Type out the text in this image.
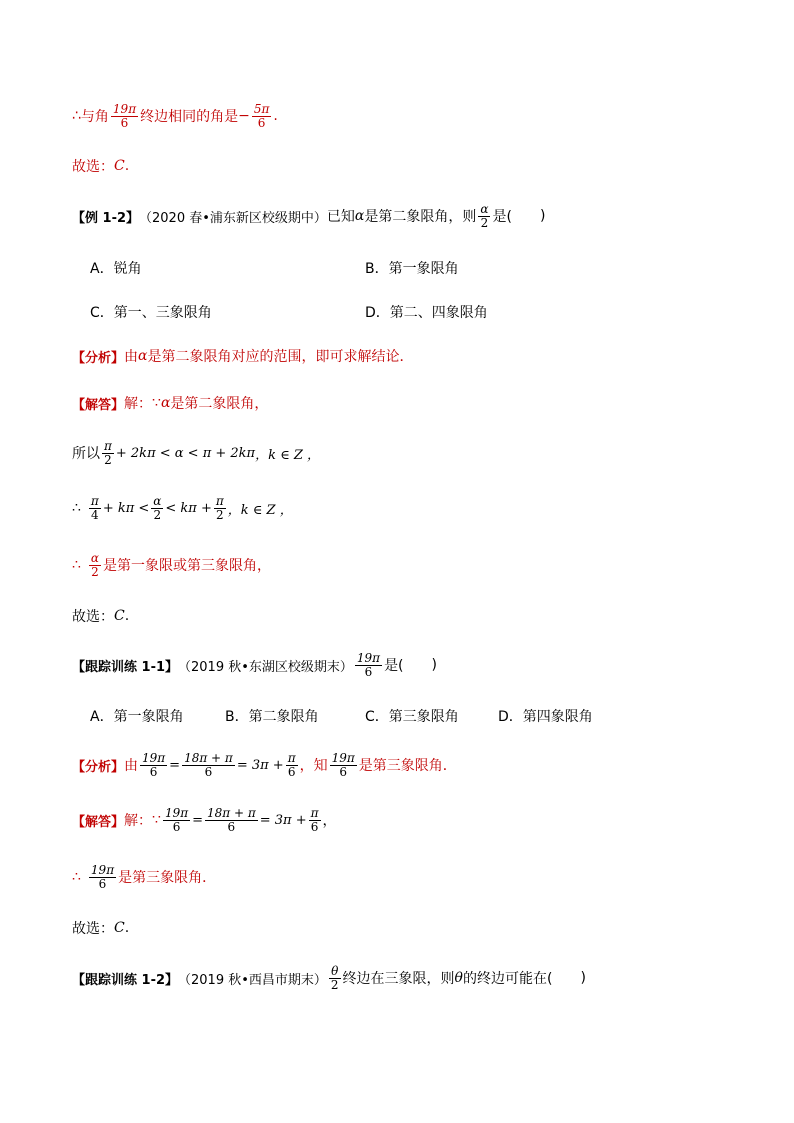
∴ 与角 $\frac{19\pi}{6}$ 终边相同的角是 − $\frac{5\pi}{6}$ .
故选： C .
【例 1-2】 （2020 春•浦东新区校级期中） 已知 α 是第二象限角，则 $\frac{\alpha}{2}$ 是( )
A．锐角	B．第一象限角
C．第一、三象限角	D．第二、四象限角
【分析】 由 α 是第二象限角对应的范围，即可求解结论．
【解答】 解： ∵ α 是第二象限角，
所以 $\frac{\pi}{2} + 2k\pi < \alpha < \pi + 2k\pi$ ，k ∈ Z ，
∴ $\frac{\pi}{4} + k\pi < \frac{\alpha}{2} < k\pi + \frac{\pi}{2}$ ，k ∈ Z ，
∴ $\frac{\alpha}{2}$ 是第一象限或第三象限角，
故选： C .
【跟踪训练 1-1】 （2019 秋•东湖区校级期末） $\frac{19\pi}{6}$ 是( )
A．第一象限角	B．第二象限角	C．第三象限角	D．第四象限角
【分析】 由 $\frac{19\pi}{6} = \frac{18\pi + \pi}{6} = 3\pi + \frac{\pi}{6}$ ，知 $\frac{19\pi}{6}$ 是第三象限角．
【解答】 解： ∵ $\frac{19\pi}{6} = \frac{18\pi + \pi}{6} = 3\pi + \frac{\pi}{6}$ ，
∴ $\frac{19\pi}{6}$ 是第三象限角．
故选： C .
【跟踪训练 1-2】 （2019 秋•西昌市期末） $\frac{\theta}{2}$ 终边在三象限，则 θ 的终边可能在( )
